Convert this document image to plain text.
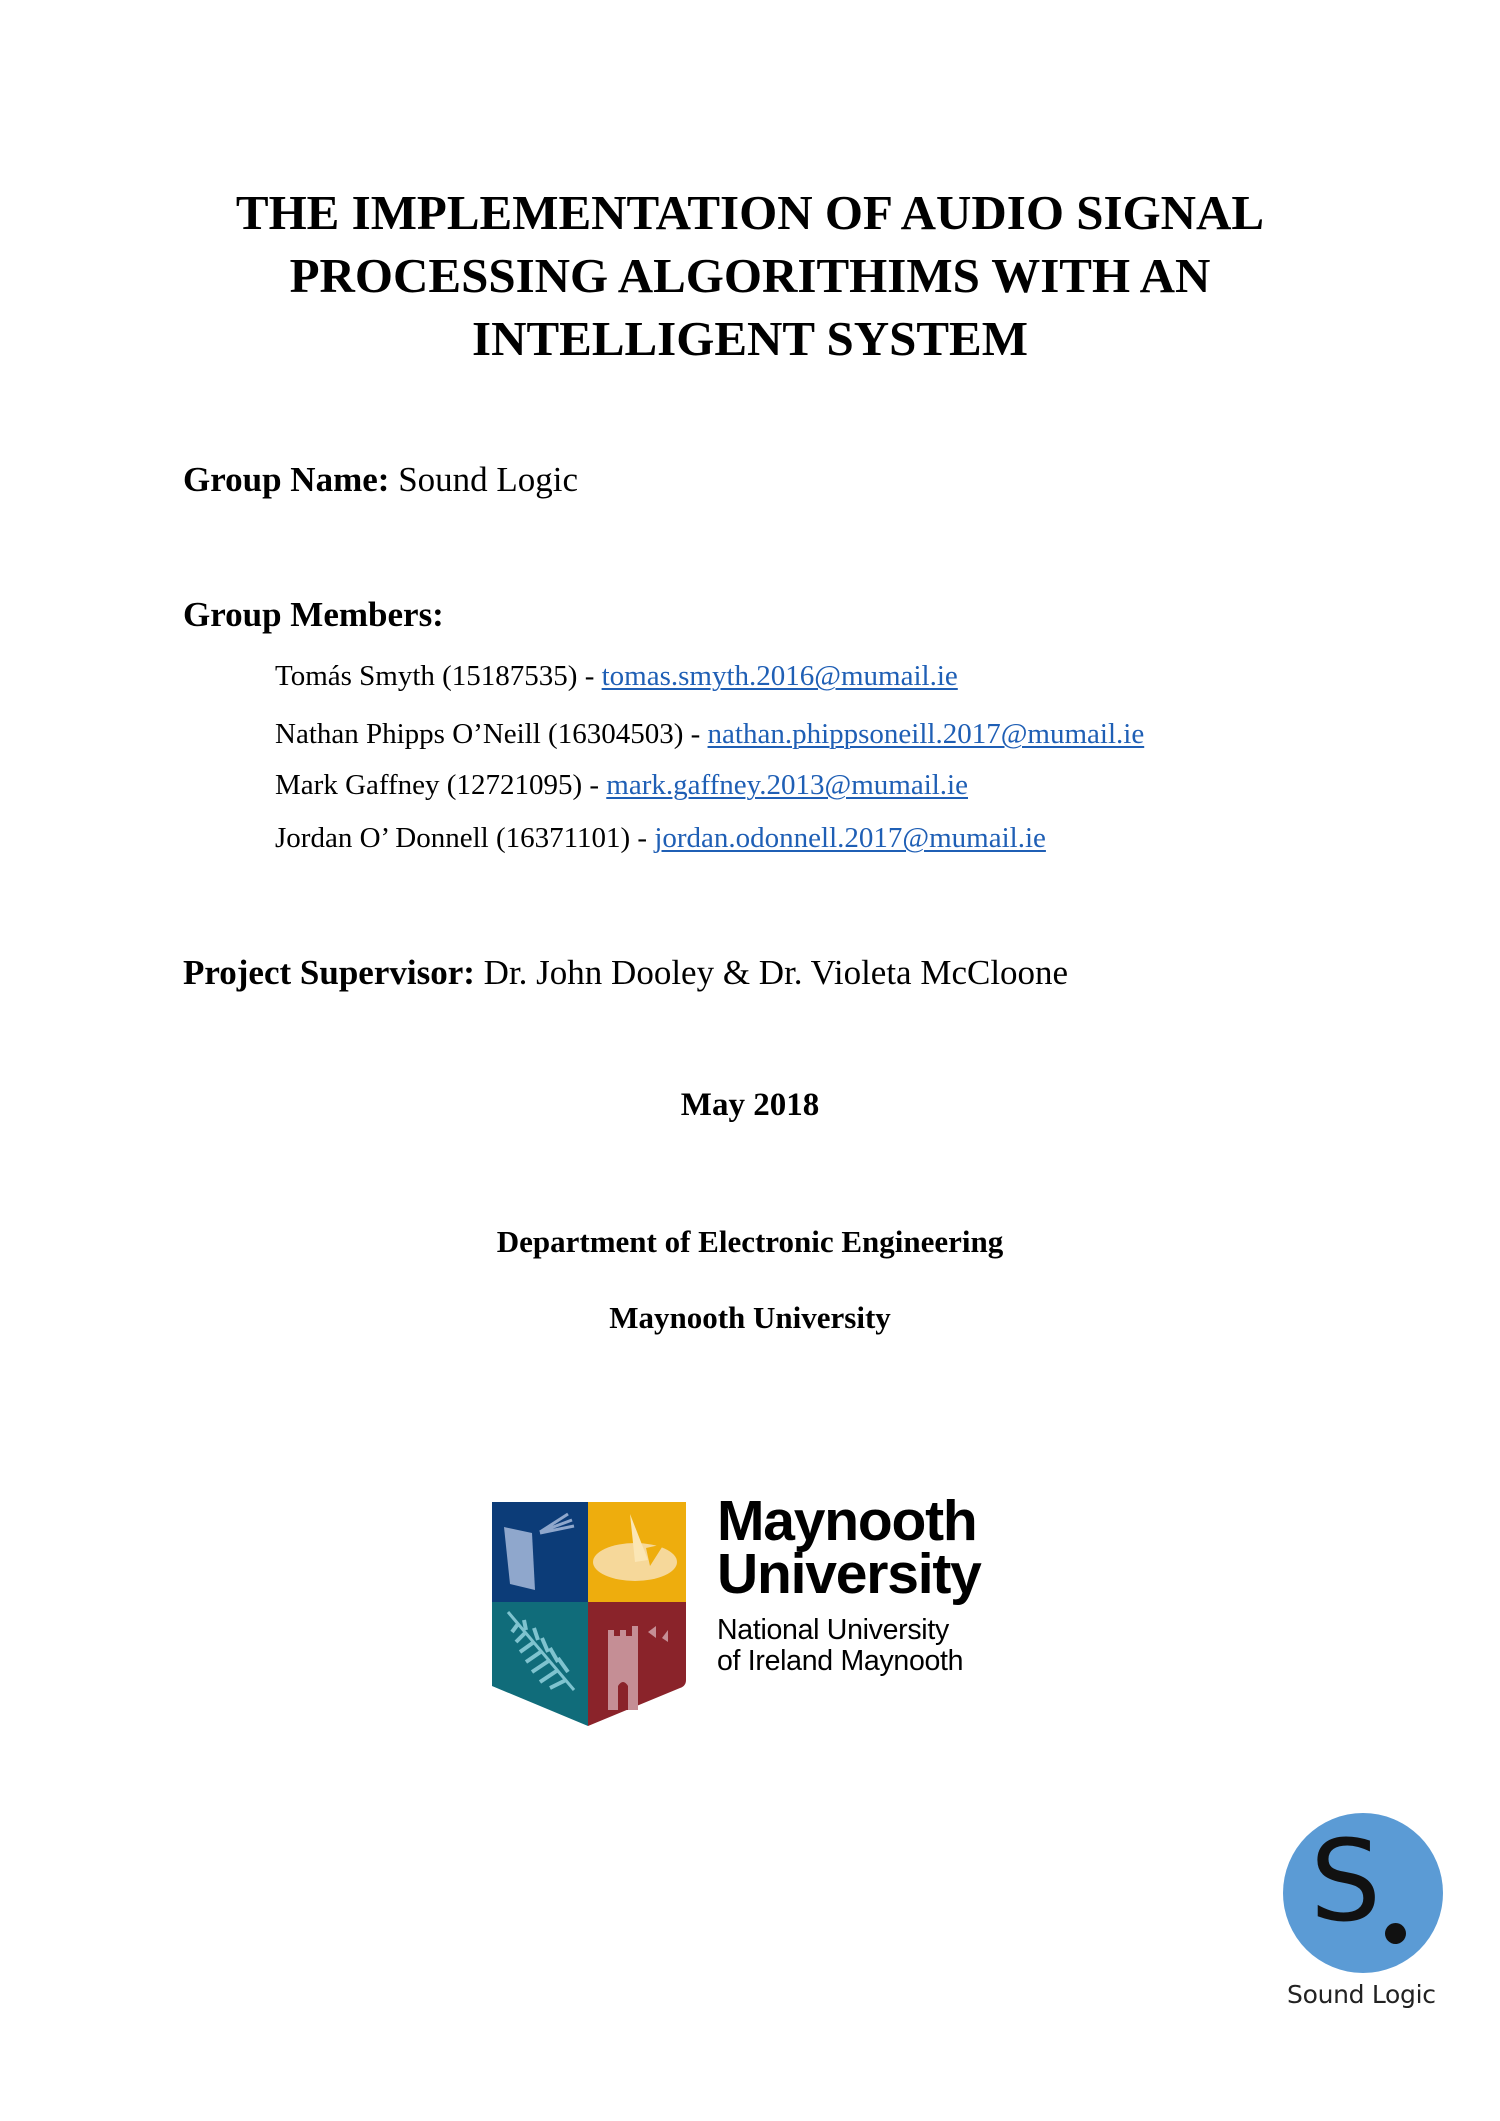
THE IMPLEMENTATION OF AUDIO SIGNAL
PROCESSING ALGORITHIMS WITH AN
INTELLIGENT SYSTEM
Group Name: Sound Logic
Group Members:
Tomás Smyth (15187535) - tomas.smyth.2016@mumail.ie
Nathan Phipps O’Neill (16304503) - nathan.phippsoneill.2017@mumail.ie
Mark Gaffney (12721095) - mark.gaffney.2013@mumail.ie
Jordan O’ Donnell (16371101) - jordan.odonnell.2017@mumail.ie
Project Supervisor: Dr. John Dooley & Dr. Violeta McCloone
May 2018
Department of Electronic Engineering
Maynooth University
Maynooth
University
National University
of Ireland Maynooth
S
Sound Logic
